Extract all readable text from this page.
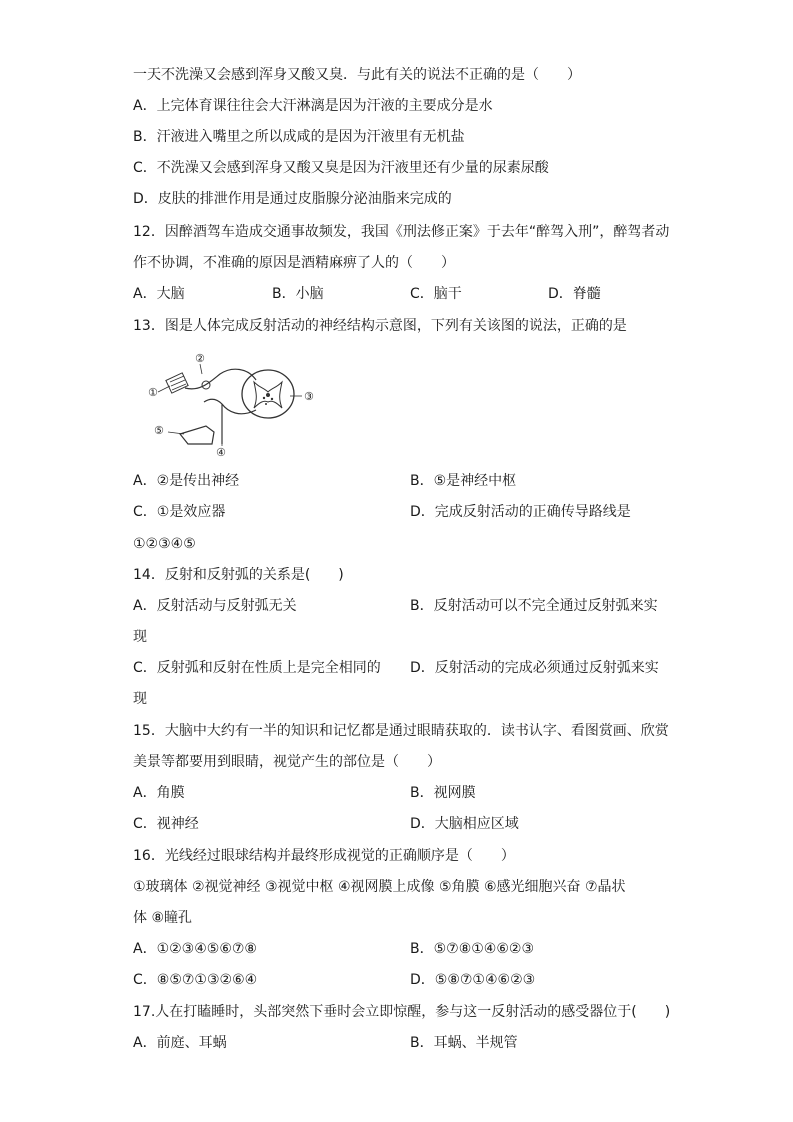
一天不洗澡又会感到浑身又酸又臭．与此有关的说法不正确的是（　　）
A．上完体育课往往会大汗淋漓是因为汗液的主要成分是水
B．汗液进入嘴里之所以成咸的是因为汗液里有无机盐
C．不洗澡又会感到浑身又酸又臭是因为汗液里还有少量的尿素尿酸
D．皮肤的排泄作用是通过皮脂腺分泌油脂来完成的
12．因醉酒驾车造成交通事故频发，我国《刑法修正案》于去年“醉驾入刑”，醉驾者动
作不协调，不准确的原因是酒精麻痹了人的（　　）
A．大脑	B．小脑	C．脑干	D．脊髓
13．图是人体完成反射活动的神经结构示意图，下列有关该图的说法，正确的是
①
②
③
④
⑤
A．②是传出神经	B．⑤是神经中枢
C．①是效应器	D．完成反射活动的正确传导路线是
①②③④⑤
14．反射和反射弧的关系是(　　)
A．反射活动与反射弧无关	B．反射活动可以不完全通过反射弧来实
现
C．反射弧和反射在性质上是完全相同的 D．反射活动的完成必须通过反射弧来实
现
15．大脑中大约有一半的知识和记忆都是通过眼睛获取的．读书认字、看图赏画、欣赏
美景等都要用到眼睛，视觉产生的部位是（　　）
A．角膜	B．视网膜
C．视神经	D．大脑相应区域
16．光线经过眼球结构并最终形成视觉的正确顺序是（　　）
①玻璃体 ②视觉神经 ③视觉中枢 ④视网膜上成像 ⑤角膜 ⑥感光细胞兴奋 ⑦晶状
体 ⑧瞳孔
A．①②③④⑤⑥⑦⑧	B．⑤⑦⑧①④⑥②③
C．⑧⑤⑦①③②⑥④	D．⑤⑧⑦①④⑥②③
17.人在打瞌睡时，头部突然下垂时会立即惊醒，参与这一反射活动的感受器位于(　　)
A．前庭、耳蜗	B．耳蜗、半规管
